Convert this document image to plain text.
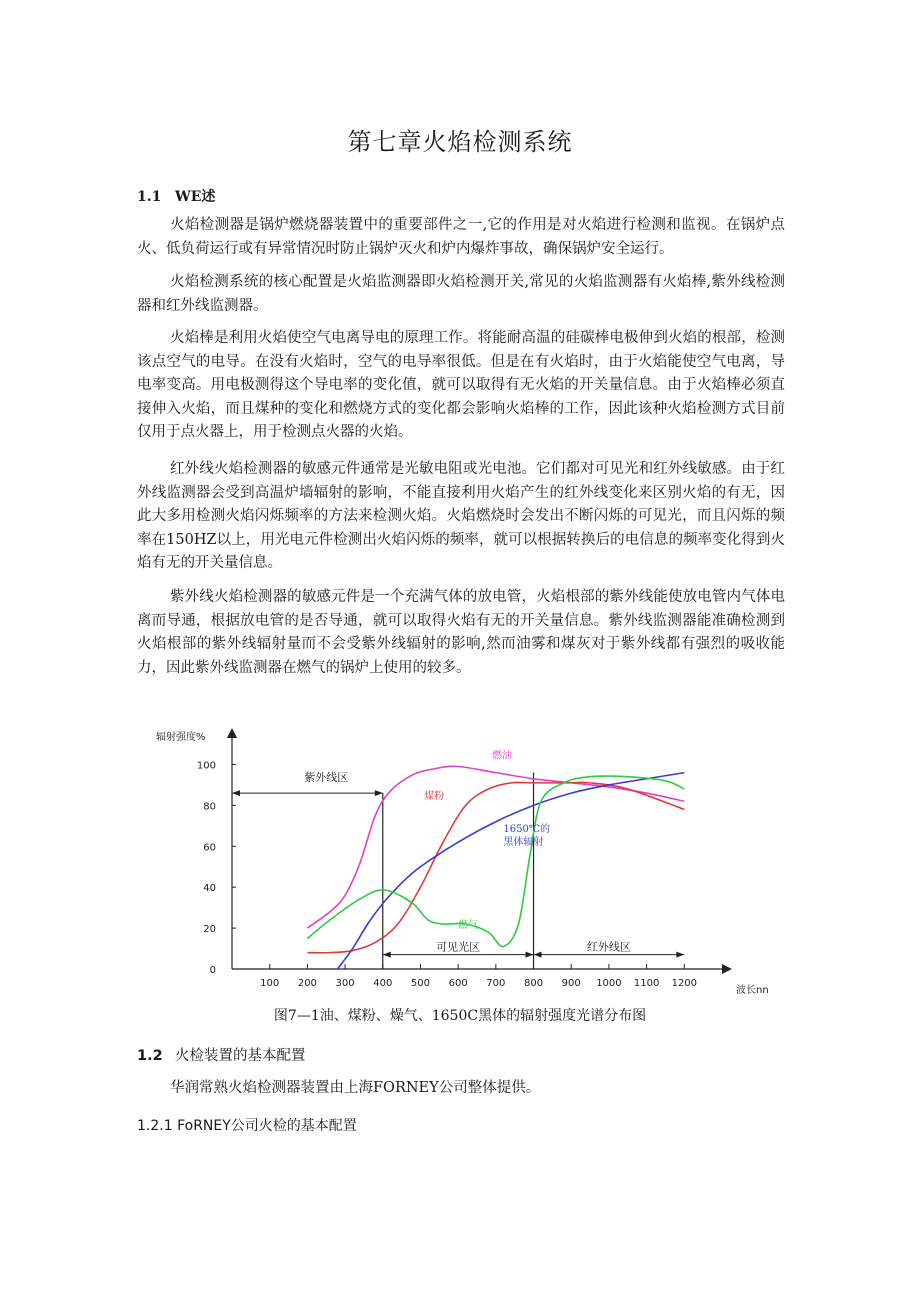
第七章火焰检测系统
1.1 WE述

火焰检测器是锅炉燃烧器装置中的重要部件之一,它的作用是对火焰进行检测和监视。在锅炉点火、低负荷运行或有异常情况时防止锅炉灭火和炉内爆炸事故，确保锅炉安全运行。

火焰检测系统的核心配置是火焰监测器即火焰检测开关,常见的火焰监测器有火焰棒,紫外线检测器和红外线监测器。

火焰棒是利用火焰使空气电离导电的原理工作。将能耐高温的硅碳棒电极伸到火焰的根部，检测该点空气的电导。在没有火焰时，空气的电导率很低。但是在有火焰时，由于火焰能使空气电离，导电率变高。用电极测得这个导电率的变化值，就可以取得有无火焰的开关量信息。由于火焰棒必须直接伸入火焰，而且煤种的变化和燃烧方式的变化都会影响火焰棒的工作，因此该种火焰检测方式目前仅用于点火器上，用于检测点火器的火焰。

红外线火焰检测器的敏感元件通常是光敏电阻或光电池。它们都对可见光和红外线敏感。由于红外线监测器会受到高温炉墙辐射的影响，不能直接利用火焰产生的红外线变化来区别火焰的有无，因此大多用检测火焰闪烁频率的方法来检测火焰。火焰燃烧时会发出不断闪烁的可见光，而且闪烁的频率在150HZ以上，用光电元件检测出火焰闪烁的频率，就可以根据转换后的电信息的频率变化得到火焰有无的开关量信息。

紫外线火焰检测器的敏感元件是一个充满气体的放电管，火焰根部的紫外线能使放电管内气体电离而导通，根据放电管的是否导通，就可以取得火焰有无的开关量信息。紫外线监测器能准确检测到火焰根部的紫外线辐射量而不会受紫外线辐射的影响,然而油雾和煤灰对于紫外线都有强烈的吸收能力，因此紫外线监测器在燃气的锅炉上使用的较多。

100 200 300 400 500 600 700 800 900 1000 1100 1200
0
20
40
60
80
100
辐射强度%
波长nn
紫外线区
可见光区	红外线区
燃油
煤粉
1650℃的
黑体辐射
燃气
图7—1油、煤粉、燥气、1650C黑体的辐射强度光谱分布图
1.2 火检装置的基本配置

华润常熟火焰检测器装置由上海FORNEY公司整体提供。

1.2.1 FoRNEY公司火检的基本配置
